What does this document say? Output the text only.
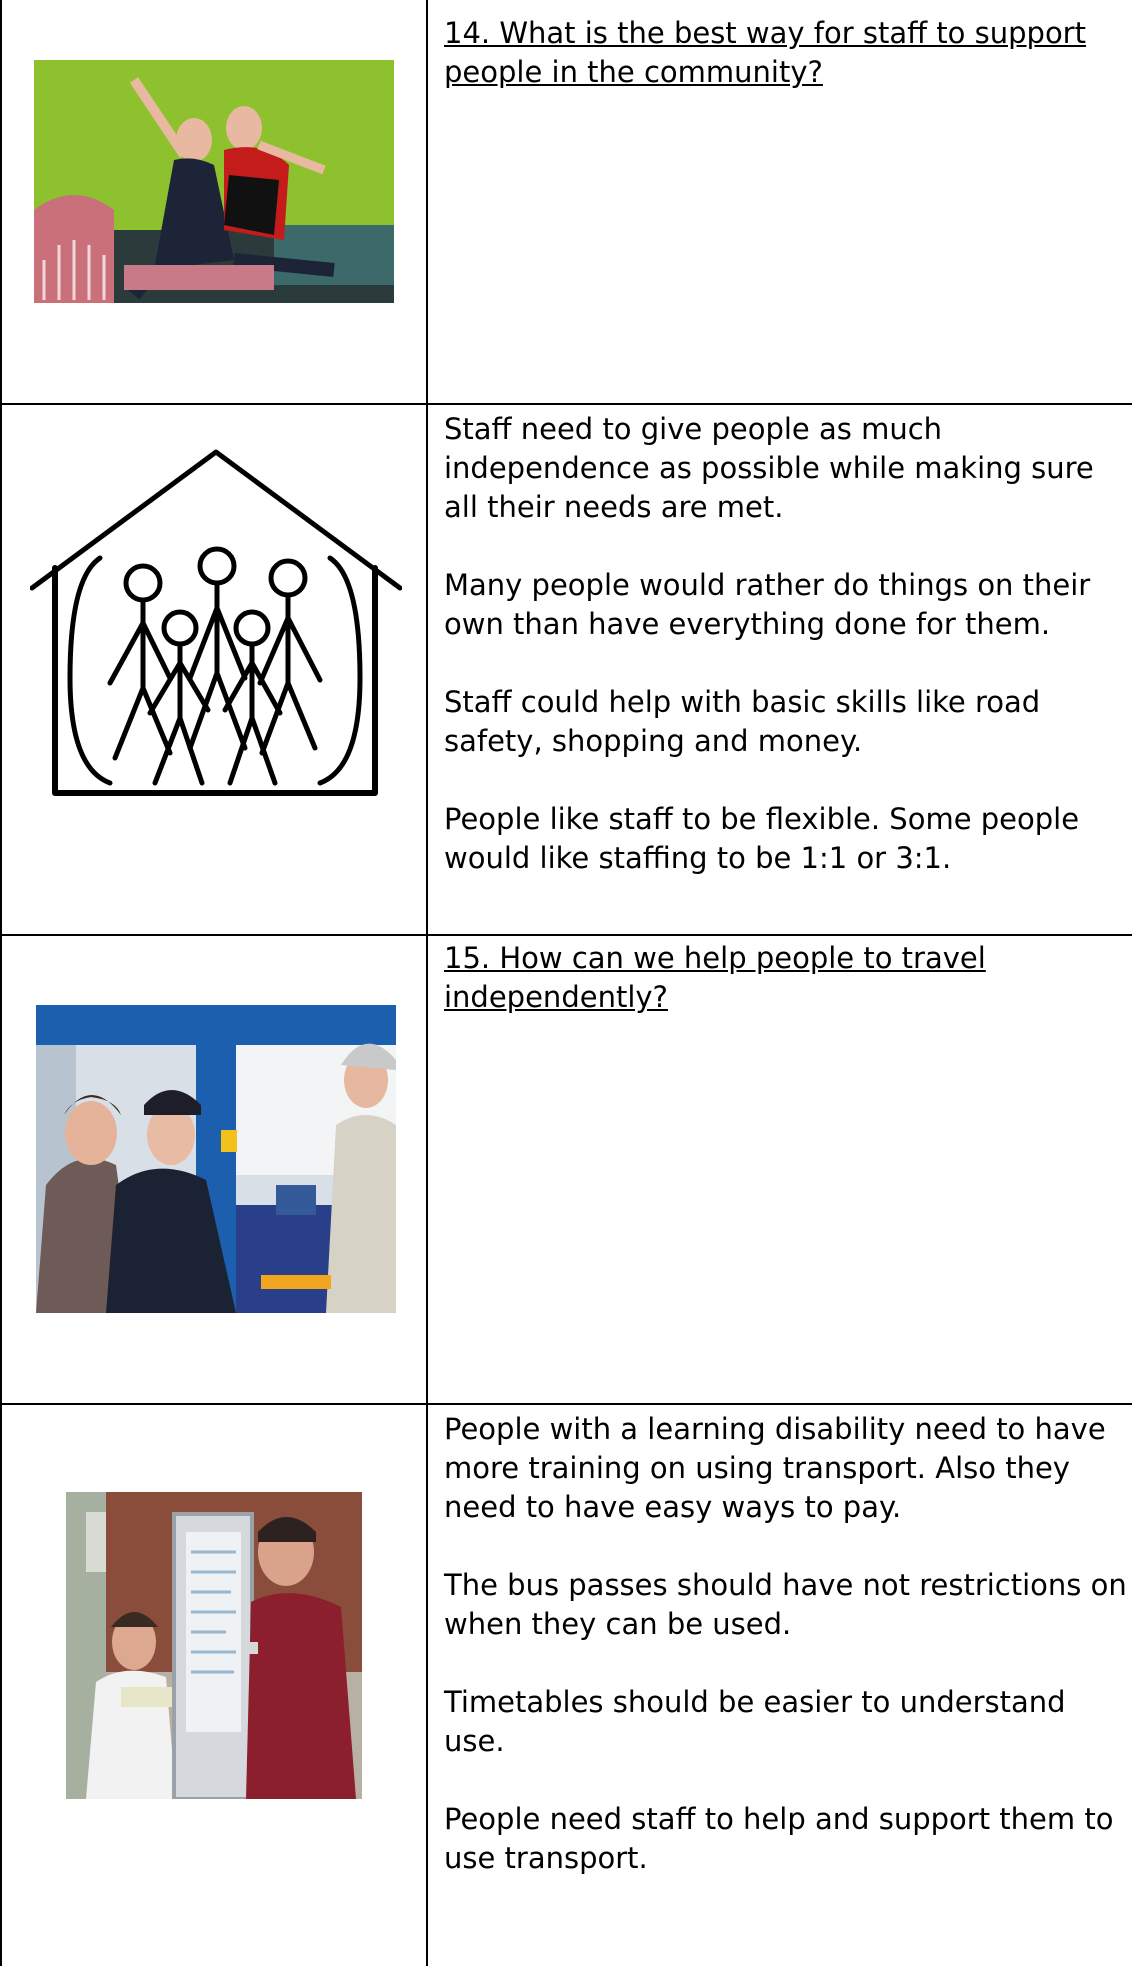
14. What is the best way for staff to support people in the community?

Staff need to give people as much independence as possible while making sure all their needs are met.

Many people would rather do things on their own than have everything done for them.

Staff could help with basic skills like road safety, shopping and money.

People like staff to be flexible. Some people would like staffing to be 1:1 or 3:1.

15. How can we help people to travel independently?

People with a learning disability need to have more training on using transport. Also they need to have easy ways to pay.

The bus passes should have not restrictions on when they can be used.

Timetables should be easier to understand use.

People need staff to help and support them to use transport.
